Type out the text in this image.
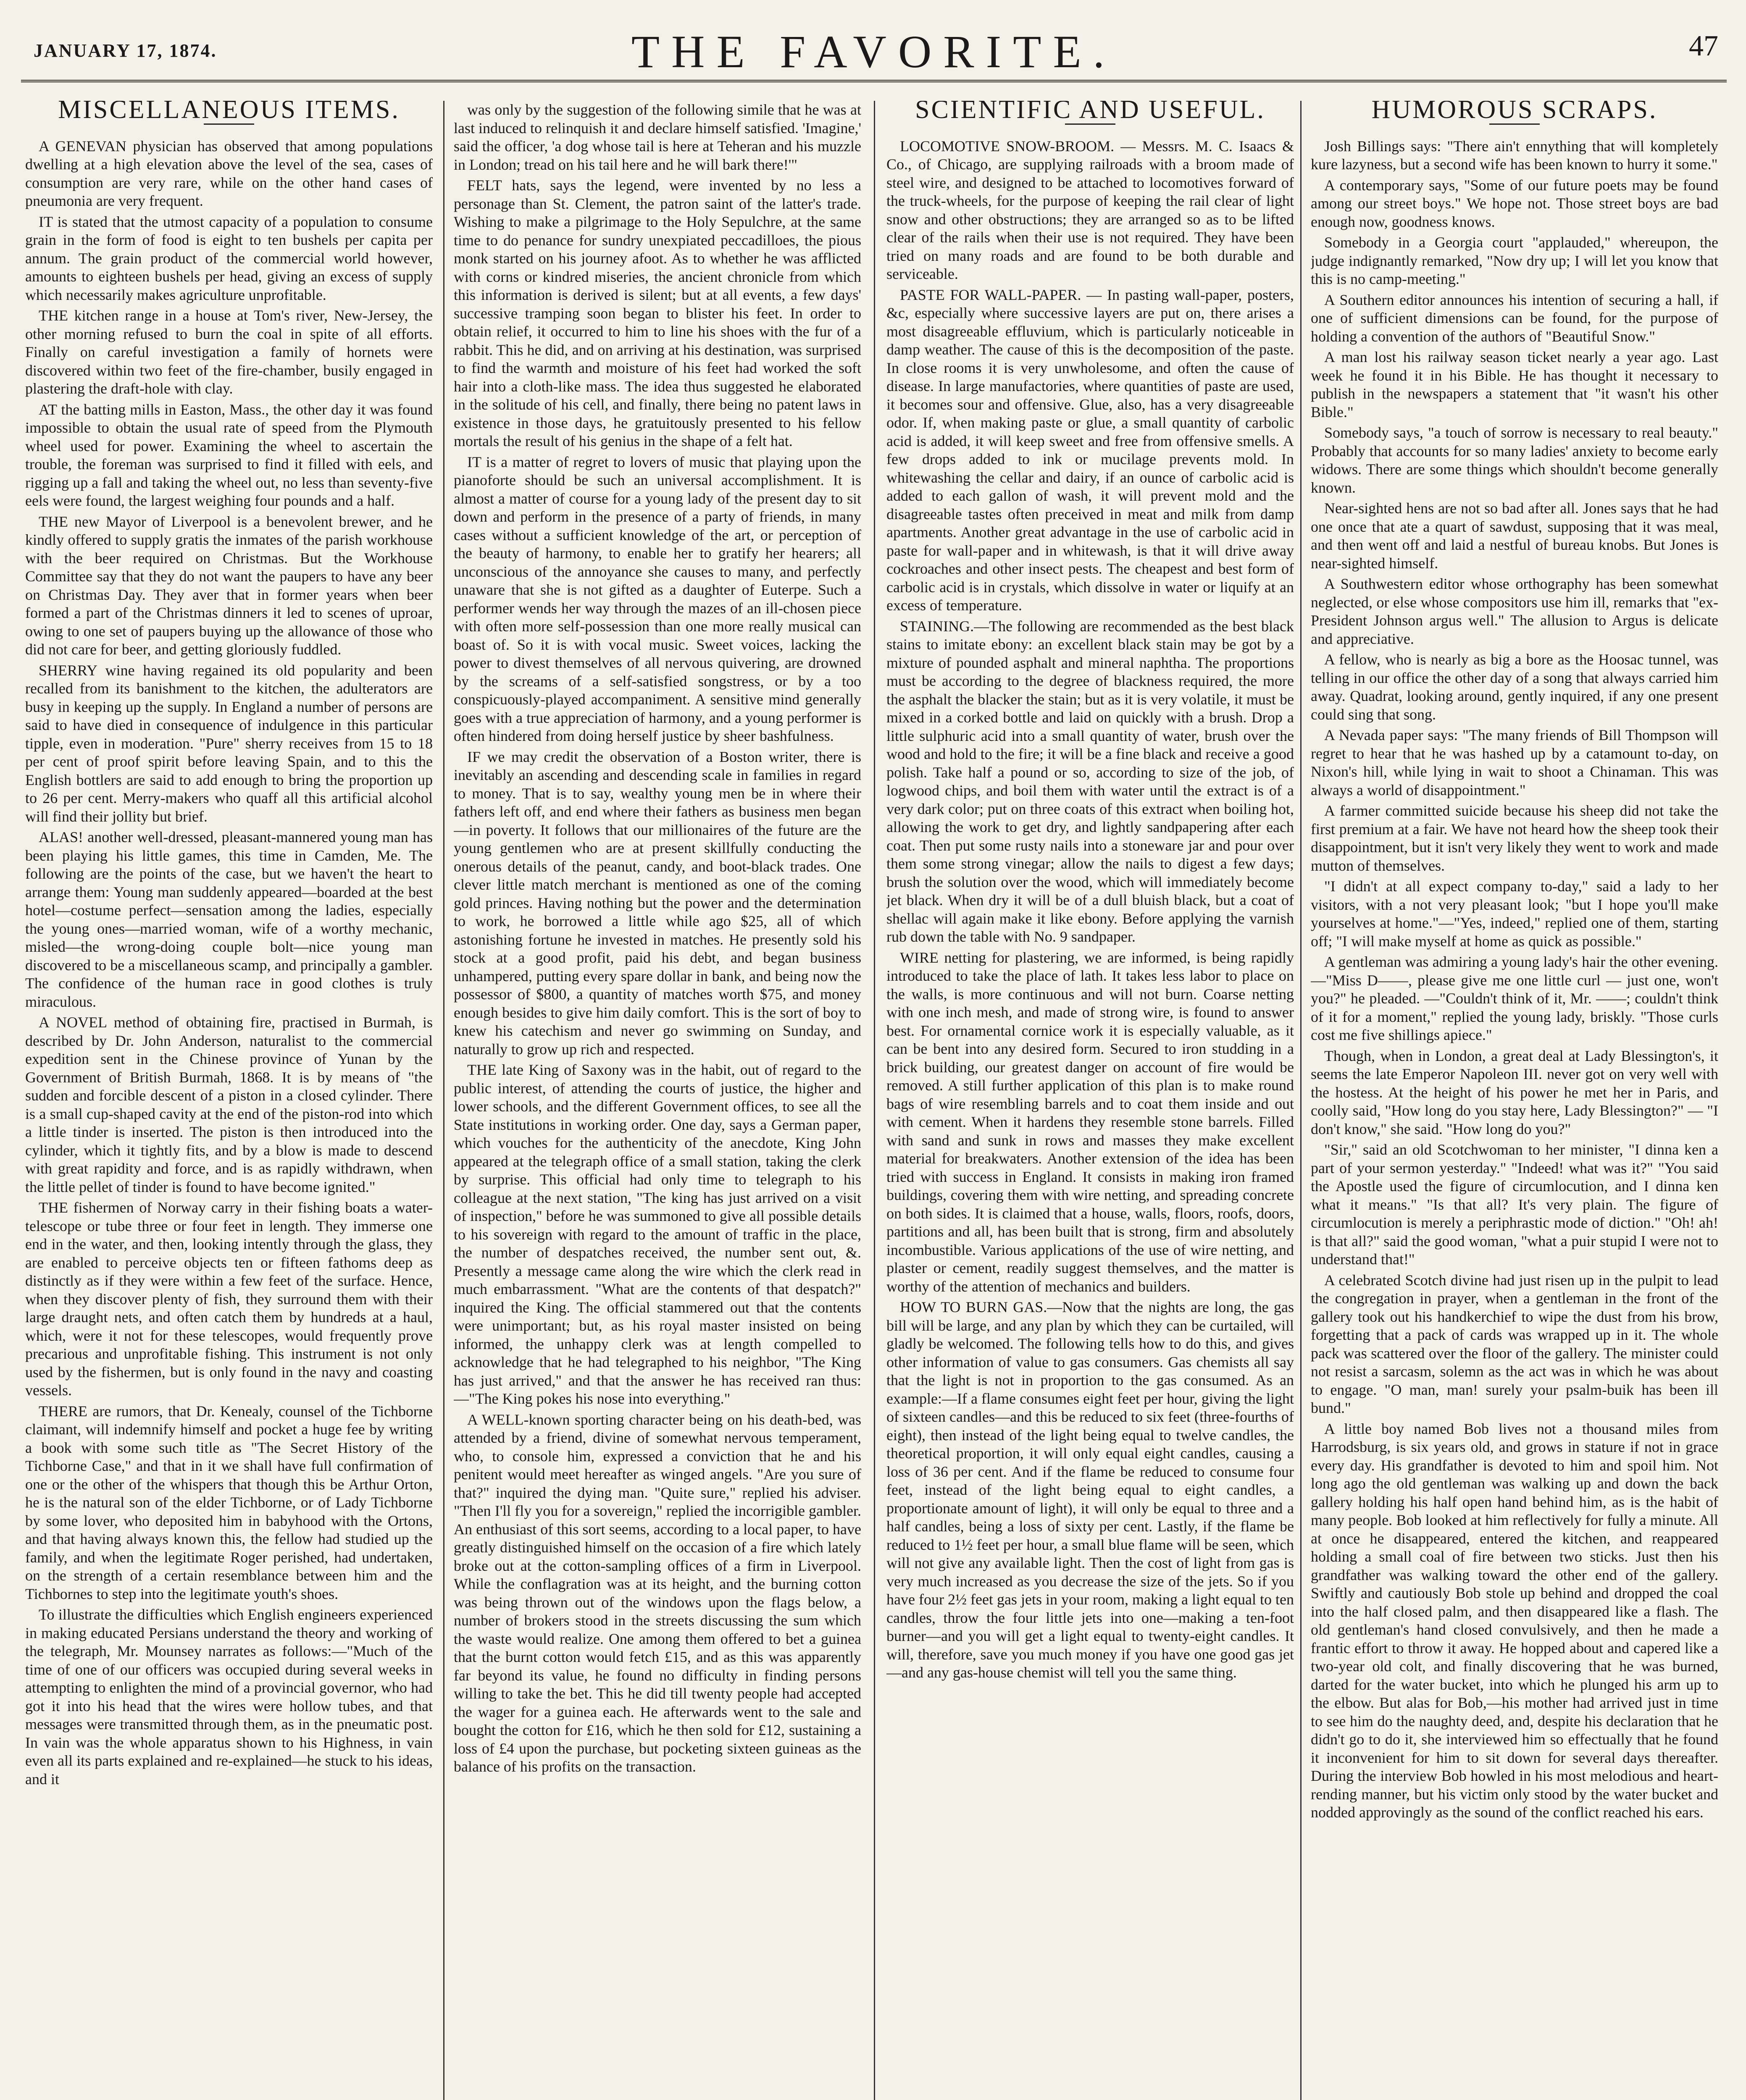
JANUARY 17, 1874.	THE FAVORITE.	47
MISCELLANEOUS ITEMS.

A GENEVAN physician has observed that among populations dwelling at a high elevation above the level of the sea, cases of consumption are very rare, while on the other hand cases of pneumonia are very frequent.

IT is stated that the utmost capacity of a population to consume grain in the form of food is eight to ten bushels per capita per annum. The grain product of the commercial world however, amounts to eighteen bushels per head, giving an excess of supply which necessarily makes agriculture unprofitable.

THE kitchen range in a house at Tom's river, New-Jersey, the other morning refused to burn the coal in spite of all efforts. Finally on careful investigation a family of hornets were discovered within two feet of the fire-chamber, busily engaged in plastering the draft-hole with clay.

AT the batting mills in Easton, Mass., the other day it was found impossible to obtain the usual rate of speed from the Plymouth wheel used for power. Examining the wheel to ascertain the trouble, the foreman was surprised to find it filled with eels, and rigging up a fall and taking the wheel out, no less than seventy-five eels were found, the largest weighing four pounds and a half.

THE new Mayor of Liverpool is a benevolent brewer, and he kindly offered to supply gratis the inmates of the parish workhouse with the beer required on Christmas. But the Workhouse Committee say that they do not want the paupers to have any beer on Christmas Day. They aver that in former years when beer formed a part of the Christmas dinners it led to scenes of uproar, owing to one set of paupers buying up the allowance of those who did not care for beer, and getting gloriously fuddled.

SHERRY wine having regained its old popularity and been recalled from its banishment to the kitchen, the adulterators are busy in keeping up the supply. In England a number of persons are said to have died in consequence of indulgence in this particular tipple, even in moderation. "Pure" sherry receives from 15 to 18 per cent of proof spirit before leaving Spain, and to this the English bottlers are said to add enough to bring the proportion up to 26 per cent. Merry-makers who quaff all this artificial alcohol will find their jollity but brief.

ALAS! another well-dressed, pleasant-mannered young man has been playing his little games, this time in Camden, Me. The following are the points of the case, but we haven't the heart to arrange them: Young man suddenly appeared—boarded at the best hotel—costume perfect—sensation among the ladies, especially the young ones—married woman, wife of a worthy mechanic, misled—the wrong-doing couple bolt—nice young man discovered to be a miscellaneous scamp, and principally a gambler. The confidence of the human race in good clothes is truly miraculous.

A NOVEL method of obtaining fire, practised in Burmah, is described by Dr. John Anderson, naturalist to the commercial expedition sent in the Chinese province of Yunan by the Government of British Burmah, 1868. It is by means of "the sudden and forcible descent of a piston in a closed cylinder. There is a small cup-shaped cavity at the end of the piston-rod into which a little tinder is inserted. The piston is then introduced into the cylinder, which it tightly fits, and by a blow is made to descend with great rapidity and force, and is as rapidly withdrawn, when the little pellet of tinder is found to have become ignited."

THE fishermen of Norway carry in their fishing boats a water-telescope or tube three or four feet in length. They immerse one end in the water, and then, looking intently through the glass, they are enabled to perceive objects ten or fifteen fathoms deep as distinctly as if they were within a few feet of the surface. Hence, when they discover plenty of fish, they surround them with their large draught nets, and often catch them by hundreds at a haul, which, were it not for these telescopes, would frequently prove precarious and unprofitable fishing. This instrument is not only used by the fishermen, but is only found in the navy and coasting vessels.

THERE are rumors, that Dr. Kenealy, counsel of the Tichborne claimant, will indemnify himself and pocket a huge fee by writing a book with some such title as "The Secret History of the Tichborne Case," and that in it we shall have full confirmation of one or the other of the whispers that though this be Arthur Orton, he is the natural son of the elder Tichborne, or of Lady Tichborne by some lover, who deposited him in babyhood with the Ortons, and that having always known this, the fellow had studied up the family, and when the legitimate Roger perished, had undertaken, on the strength of a certain resemblance between him and the Tichbornes to step into the legitimate youth's shoes.

To illustrate the difficulties which English engineers experienced in making educated Persians understand the theory and working of the telegraph, Mr. Mounsey narrates as follows:—"Much of the time of one of our officers was occupied during several weeks in attempting to enlighten the mind of a provincial governor, who had got it into his head that the wires were hollow tubes, and that messages were transmitted through them, as in the pneumatic post. In vain was the whole apparatus shown to his Highness, in vain even all its parts explained and re-explained—he stuck to his ideas, and it

was only by the suggestion of the following simile that he was at last induced to relinquish it and declare himself satisfied. 'Imagine,' said the officer, 'a dog whose tail is here at Teheran and his muzzle in London; tread on his tail here and he will bark there!'"

FELT hats, says the legend, were invented by no less a personage than St. Clement, the patron saint of the latter's trade. Wishing to make a pilgrimage to the Holy Sepulchre, at the same time to do penance for sundry unexpiated peccadilloes, the pious monk started on his journey afoot. As to whether he was afflicted with corns or kindred miseries, the ancient chronicle from which this information is derived is silent; but at all events, a few days' successive tramping soon began to blister his feet. In order to obtain relief, it occurred to him to line his shoes with the fur of a rabbit. This he did, and on arriving at his destination, was surprised to find the warmth and moisture of his feet had worked the soft hair into a cloth-like mass. The idea thus suggested he elaborated in the solitude of his cell, and finally, there being no patent laws in existence in those days, he gratuitously presented to his fellow mortals the result of his genius in the shape of a felt hat.

IT is a matter of regret to lovers of music that playing upon the pianoforte should be such an universal accomplishment. It is almost a matter of course for a young lady of the present day to sit down and perform in the presence of a party of friends, in many cases without a sufficient knowledge of the art, or perception of the beauty of harmony, to enable her to gratify her hearers; all unconscious of the annoyance she causes to many, and perfectly unaware that she is not gifted as a daughter of Euterpe. Such a performer wends her way through the mazes of an ill-chosen piece with often more self-possession than one more really musical can boast of. So it is with vocal music. Sweet voices, lacking the power to divest themselves of all nervous quivering, are drowned by the screams of a self-satisfied songstress, or by a too conspicuously-played accompaniment. A sensitive mind generally goes with a true appreciation of harmony, and a young performer is often hindered from doing herself justice by sheer bashfulness.

IF we may credit the observation of a Boston writer, there is inevitably an ascending and descending scale in families in regard to money. That is to say, wealthy young men be in where their fathers left off, and end where their fathers as business men began—in poverty. It follows that our millionaires of the future are the young gentlemen who are at present skillfully conducting the onerous details of the peanut, candy, and boot-black trades. One clever little match merchant is mentioned as one of the coming gold princes. Having nothing but the power and the determination to work, he borrowed a little while ago $25, all of which astonishing fortune he invested in matches. He presently sold his stock at a good profit, paid his debt, and began business unhampered, putting every spare dollar in bank, and being now the possessor of $800, a quantity of matches worth $75, and money enough besides to give him daily comfort. This is the sort of boy to knew his catechism and never go swimming on Sunday, and naturally to grow up rich and respected.

THE late King of Saxony was in the habit, out of regard to the public interest, of attending the courts of justice, the higher and lower schools, and the different Government offices, to see all the State institutions in working order. One day, says a German paper, which vouches for the authenticity of the anecdote, King John appeared at the telegraph office of a small station, taking the clerk by surprise. This official had only time to telegraph to his colleague at the next station, "The king has just arrived on a visit of inspection," before he was summoned to give all possible details to his sovereign with regard to the amount of traffic in the place, the number of despatches received, the number sent out, &. Presently a message came along the wire which the clerk read in much embarrassment. "What are the contents of that despatch?" inquired the King. The official stammered out that the contents were unimportant; but, as his royal master insisted on being informed, the unhappy clerk was at length compelled to acknowledge that he had telegraphed to his neighbor, "The King has just arrived," and that the answer he has received ran thus: —"The King pokes his nose into everything."

A WELL-known sporting character being on his death-bed, was attended by a friend, divine of somewhat nervous temperament, who, to console him, expressed a conviction that he and his penitent would meet hereafter as winged angels. "Are you sure of that?" inquired the dying man. "Quite sure," replied his adviser. "Then I'll fly you for a sovereign," replied the incorrigible gambler. An enthusiast of this sort seems, according to a local paper, to have greatly distinguished himself on the occasion of a fire which lately broke out at the cotton-sampling offices of a firm in Liverpool. While the conflagration was at its height, and the burning cotton was being thrown out of the windows upon the flags below, a number of brokers stood in the streets discussing the sum which the waste would realize. One among them offered to bet a guinea that the burnt cotton would fetch £15, and as this was apparently far beyond its value, he found no difficulty in finding persons willing to take the bet. This he did till twenty people had accepted the wager for a guinea each. He afterwards went to the sale and bought the cotton for £16, which he then sold for £12, sustaining a loss of £4 upon the purchase, but pocketing sixteen guineas as the balance of his profits on the transaction.

SCIENTIFIC AND USEFUL.

LOCOMOTIVE SNOW-BROOM. — Messrs. M. C. Isaacs & Co., of Chicago, are supplying railroads with a broom made of steel wire, and designed to be attached to locomotives forward of the truck-wheels, for the purpose of keeping the rail clear of light snow and other obstructions; they are arranged so as to be lifted clear of the rails when their use is not required. They have been tried on many roads and are found to be both durable and serviceable.

PASTE FOR WALL-PAPER. — In pasting wall-paper, posters, &c, especially where successive layers are put on, there arises a most disagreeable effluvium, which is particularly noticeable in damp weather. The cause of this is the decomposition of the paste. In close rooms it is very unwholesome, and often the cause of disease. In large manufactories, where quantities of paste are used, it becomes sour and offensive. Glue, also, has a very disagreeable odor. If, when making paste or glue, a small quantity of carbolic acid is added, it will keep sweet and free from offensive smells. A few drops added to ink or mucilage prevents mold. In whitewashing the cellar and dairy, if an ounce of carbolic acid is added to each gallon of wash, it will prevent mold and the disagreeable tastes often preceived in meat and milk from damp apartments. Another great advantage in the use of carbolic acid in paste for wall-paper and in whitewash, is that it will drive away cockroaches and other insect pests. The cheapest and best form of carbolic acid is in crystals, which dissolve in water or liquify at an excess of temperature.

STAINING.—The following are recommended as the best black stains to imitate ebony: an excellent black stain may be got by a mixture of pounded asphalt and mineral naphtha. The proportions must be according to the degree of blackness required, the more the asphalt the blacker the stain; but as it is very volatile, it must be mixed in a corked bottle and laid on quickly with a brush. Drop a little sulphuric acid into a small quantity of water, brush over the wood and hold to the fire; it will be a fine black and receive a good polish. Take half a pound or so, according to size of the job, of logwood chips, and boil them with water until the extract is of a very dark color; put on three coats of this extract when boiling hot, allowing the work to get dry, and lightly sandpapering after each coat. Then put some rusty nails into a stoneware jar and pour over them some strong vinegar; allow the nails to digest a few days; brush the solution over the wood, which will immediately become jet black. When dry it will be of a dull bluish black, but a coat of shellac will again make it like ebony. Before applying the varnish rub down the table with No. 9 sandpaper.

WIRE netting for plastering, we are informed, is being rapidly introduced to take the place of lath. It takes less labor to place on the walls, is more continuous and will not burn. Coarse netting with one inch mesh, and made of strong wire, is found to answer best. For ornamental cornice work it is especially valuable, as it can be bent into any desired form. Secured to iron studding in a brick building, our greatest danger on account of fire would be removed. A still further application of this plan is to make round bags of wire resembling barrels and to coat them inside and out with cement. When it hardens they resemble stone barrels. Filled with sand and sunk in rows and masses they make excellent material for breakwaters. Another extension of the idea has been tried with success in England. It consists in making iron framed buildings, covering them with wire netting, and spreading concrete on both sides. It is claimed that a house, walls, floors, roofs, doors, partitions and all, has been built that is strong, firm and absolutely incombustible. Various applications of the use of wire netting, and plaster or cement, readily suggest themselves, and the matter is worthy of the attention of mechanics and builders.

HOW TO BURN GAS.—Now that the nights are long, the gas bill will be large, and any plan by which they can be curtailed, will gladly be welcomed. The following tells how to do this, and gives other information of value to gas consumers. Gas chemists all say that the light is not in proportion to the gas consumed. As an example:—If a flame consumes eight feet per hour, giving the light of sixteen candles—and this be reduced to six feet (three-fourths of eight), then instead of the light being equal to twelve candles, the theoretical proportion, it will only equal eight candles, causing a loss of 36 per cent. And if the flame be reduced to consume four feet, instead of the light being equal to eight candles, a proportionate amount of light), it will only be equal to three and a half candles, being a loss of sixty per cent. Lastly, if the flame be reduced to 1½ feet per hour, a small blue flame will be seen, which will not give any available light. Then the cost of light from gas is very much increased as you decrease the size of the jets. So if you have four 2½ feet gas jets in your room, making a light equal to ten candles, throw the four little jets into one—making a ten-foot burner—and you will get a light equal to twenty-eight candles. It will, therefore, save you much money if you have one good gas jet—and any gas-house chemist will tell you the same thing.

HUMOROUS SCRAPS.

Josh Billings says: "There ain't ennything that will kompletely kure lazyness, but a second wife has been known to hurry it some."

A contemporary says, "Some of our future poets may be found among our street boys." We hope not. Those street boys are bad enough now, goodness knows.

Somebody in a Georgia court "applauded," whereupon, the judge indignantly remarked, "Now dry up; I will let you know that this is no camp-meeting."

A Southern editor announces his intention of securing a hall, if one of sufficient dimensions can be found, for the purpose of holding a convention of the authors of "Beautiful Snow."

A man lost his railway season ticket nearly a year ago. Last week he found it in his Bible. He has thought it necessary to publish in the newspapers a statement that "it wasn't his other Bible."

Somebody says, "a touch of sorrow is necessary to real beauty." Probably that accounts for so many ladies' anxiety to become early widows. There are some things which shouldn't become generally known.

Near-sighted hens are not so bad after all. Jones says that he had one once that ate a quart of sawdust, supposing that it was meal, and then went off and laid a nestful of bureau knobs. But Jones is near-sighted himself.

A Southwestern editor whose orthography has been somewhat neglected, or else whose compositors use him ill, remarks that "ex-President Johnson argus well." The allusion to Argus is delicate and appreciative.

A fellow, who is nearly as big a bore as the Hoosac tunnel, was telling in our office the other day of a song that always carried him away. Quadrat, looking around, gently inquired, if any one present could sing that song.

A Nevada paper says: "The many friends of Bill Thompson will regret to hear that he was hashed up by a catamount to-day, on Nixon's hill, while lying in wait to shoot a Chinaman. This was always a world of disappointment."

A farmer committed suicide because his sheep did not take the first premium at a fair. We have not heard how the sheep took their disappointment, but it isn't very likely they went to work and made mutton of themselves.

"I didn't at all expect company to-day," said a lady to her visitors, with a not very pleasant look; "but I hope you'll make yourselves at home."—"Yes, indeed," replied one of them, starting off; "I will make myself at home as quick as possible."

A gentleman was admiring a young lady's hair the other evening. —"Miss D——, please give me one little curl — just one, won't you?" he pleaded. —"Couldn't think of it, Mr. ——; couldn't think of it for a moment," replied the young lady, briskly. "Those curls cost me five shillings apiece."

Though, when in London, a great deal at Lady Blessington's, it seems the late Emperor Napoleon III. never got on very well with the hostess. At the height of his power he met her in Paris, and coolly said, "How long do you stay here, Lady Blessington?" — "I don't know," she said. "How long do you?"

"Sir," said an old Scotchwoman to her minister, "I dinna ken a part of your sermon yesterday." "Indeed! what was it?" "You said the Apostle used the figure of circumlocution, and I dinna ken what it means." "Is that all? It's very plain. The figure of circumlocution is merely a periphrastic mode of diction." "Oh! ah! is that all?" said the good woman, "what a puir stupid I were not to understand that!"

A celebrated Scotch divine had just risen up in the pulpit to lead the congregation in prayer, when a gentleman in the front of the gallery took out his handkerchief to wipe the dust from his brow, forgetting that a pack of cards was wrapped up in it. The whole pack was scattered over the floor of the gallery. The minister could not resist a sarcasm, solemn as the act was in which he was about to engage. "O man, man! surely your psalm-buik has been ill bund."

A little boy named Bob lives not a thousand miles from Harrodsburg, is six years old, and grows in stature if not in grace every day. His grandfather is devoted to him and spoil him. Not long ago the old gentleman was walking up and down the back gallery holding his half open hand behind him, as is the habit of many people. Bob looked at him reflectively for fully a minute. All at once he disappeared, entered the kitchen, and reappeared holding a small coal of fire between two sticks. Just then his grandfather was walking toward the other end of the gallery. Swiftly and cautiously Bob stole up behind and dropped the coal into the half closed palm, and then disappeared like a flash. The old gentleman's hand closed convulsively, and then he made a frantic effort to throw it away. He hopped about and capered like a two-year old colt, and finally discovering that he was burned, darted for the water bucket, into which he plunged his arm up to the elbow. But alas for Bob,—his mother had arrived just in time to see him do the naughty deed, and, despite his declaration that he didn't go to do it, she interviewed him so effectually that he found it inconvenient for him to sit down for several days thereafter. During the interview Bob howled in his most melodious and heart-rending manner, but his victim only stood by the water bucket and nodded approvingly as the sound of the conflict reached his ears.
